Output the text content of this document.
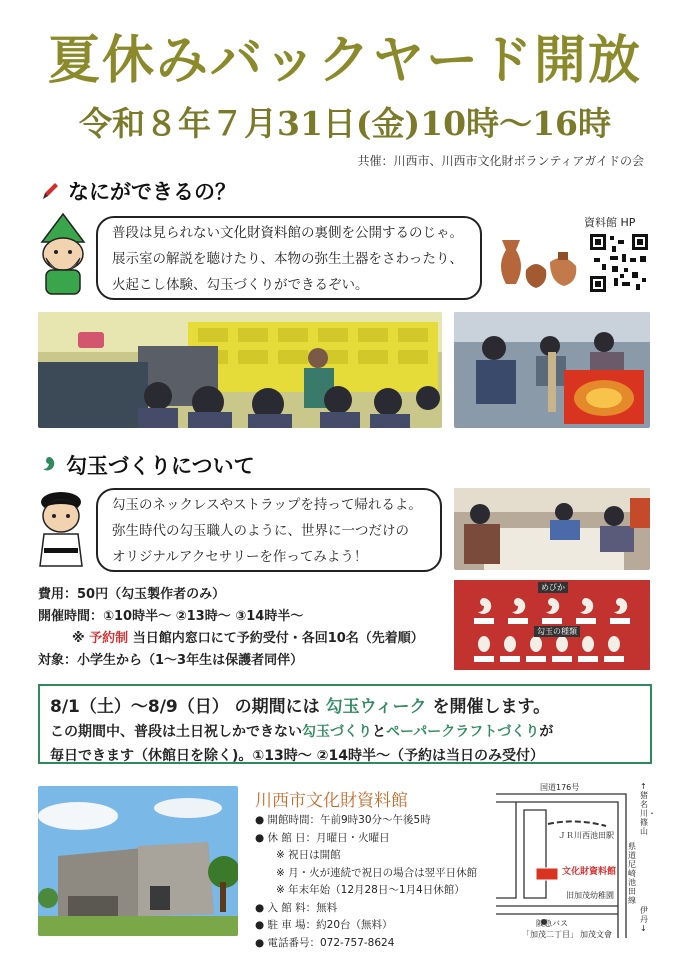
夏休みバックヤード開放
令和８年７月31日(金)10時～16時
共催：川西市、川西市文化財ボランティアガイドの会
なにができるの？
普段は見られない文化財資料館の裏側を公開するのじゃ。
展示室の解説を聴けたり、本物の弥生土器をさわったり、
火起こし体験、勾玉づくりができるぞい。
資料館 HP
勾玉づくりについて
勾玉のネックレスやストラップを持って帰れるよ。
弥生時代の勾玉職人のように、世界に一つだけの
オリジナルアクセサリーを作ってみよう！
めびか
勾玉の種類
費用：50円（勾玉製作者のみ）
開催時間：①10時半～ ②13時～ ③14時半～
※ 予約制 当日館内窓口にて予約受付・各回10名（先着順）
対象：小学生から（1～3年生は保護者同伴）
8/1（土）～8/9（日） の期間には 勾玉ウィーク を開催します。
この期間中、普段は土日祝しかできない勾玉づくりとペーパークラフトづくりが
毎日できます（休館日を除く)。①13時～ ②14時半～（予約は当日のみ受付）
川西市文化財資料館
● 開館時間：午前9時30分～午後5時
● 休 館 日：月曜日・火曜日
　　※ 祝日は開館
　　※ 月・火が連続で祝日の場合は翌平日休館
　　※ 年末年始（12月28日～1月4日休館）
● 入 館 料：無料
● 駐 車 場：約20台（無料）
● 電話番号：072-757-8624
国道176号
ＪＲ川西池田駅
県道尼崎池田線
文化財資料館
旧加茂幼稚園
阪急バス
「加茂二丁目」 加茂文會
↑猪名川・篠山
伊丹↓
